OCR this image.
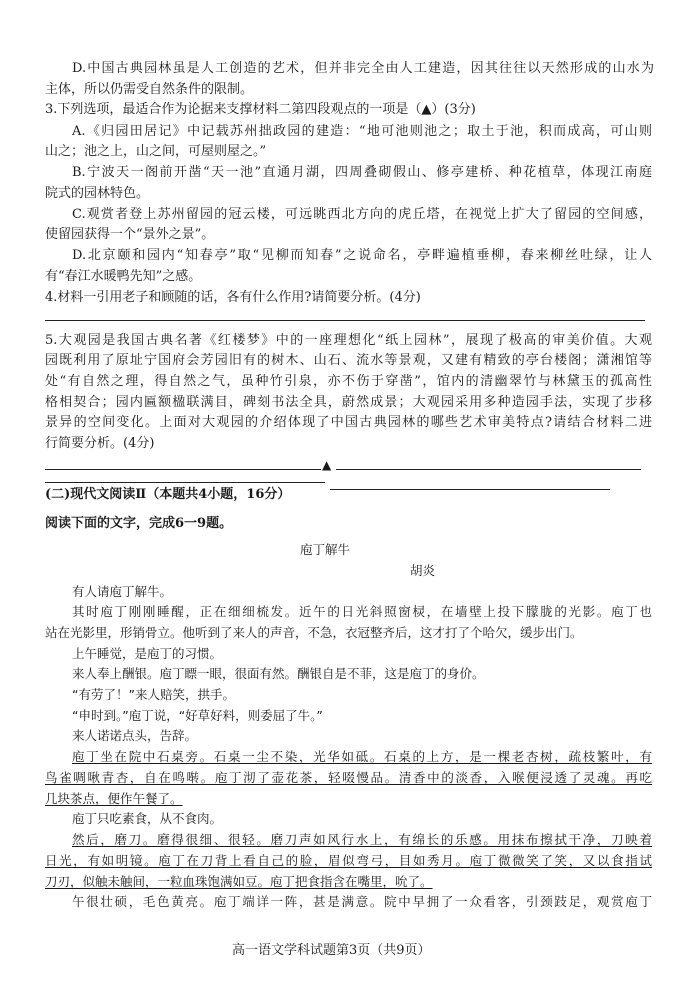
D.中国古典园林虽是人工创造的艺术，但并非完全由人工建造，因其往往以天然形成的山水为
主体，所以仍需受自然条件的限制。
3.下列选项，最适合作为论据来支撑材料二第四段观点的一项是（▲）(3分)
A.《归园田居记》中记载苏州拙政园的建造：“地可池则池之；取土于池，积而成高，可山则
山之；池之上，山之间，可屋则屋之。”
B.宁波天一阁前开凿“天一池”直通月湖，四周叠砌假山、修亭建桥、种花植草，体现江南庭
院式的园林特色。
C.观赏者登上苏州留园的冠云楼，可远眺西北方向的虎丘塔，在视觉上扩大了留园的空间感，
使留园获得一个“景外之景”。
D.北京颐和园内“知春亭”取“见柳而知春”之说命名，亭畔遍植垂柳，春来柳丝吐绿，让人
有“春江水暖鸭先知”之感。
4.材料一引用老子和顾随的话，各有什么作用?请简要分析。(4分)
5.大观园是我国古典名著《红楼梦》中的一座理想化“纸上园林”，展现了极高的审美价值。大观
园既利用了原址宁国府会芳园旧有的树木、山石、流水等景观，又建有精致的亭台楼阁；潇湘馆等
处“有自然之理，得自然之气，虽种竹引泉，亦不伤于穿凿”，馆内的清幽翠竹与林黛玉的孤高性
格相契合；园内匾额楹联满目，碑刻书法全具，蔚然成景；大观园采用多种造园手法，实现了步移
景异的空间变化。上面对大观园的介绍体现了中国古典园林的哪些艺术审美特点?请结合材料二进
行简要分析。(4分)
▲
(二)现代文阅读Ⅱ（本题共4小题，16分）
阅读下面的文字，完成6一9题。
庖丁解牛
胡炎
有人请庖丁解牛。
其时庖丁刚刚睡醒，正在细细梳发。近午的日光斜照窗棂，在墙壁上投下朦胧的光影。庖丁也
站在光影里，形销骨立。他听到了来人的声音，不急，衣冠整齐后，这才打了个哈欠，缓步出门。
上午睡觉，是庖丁的习惯。
来人奉上酬银。庖丁瞟一眼，很面有然。酬银自是不菲，这是庖丁的身价。
“有劳了！”来人赔笑，拱手。
“申时到。”庖丁说，“好草好料，则委屈了牛。”
来人诺诺点头，告辞。
庖丁坐在院中石桌旁。石桌一尘不染，光华如砥。石桌的上方，是一棵老杏树，疏枝繁叶，有
鸟雀啁啾青杏，自在鸣啭。庖丁沏了壶花茶，轻啜慢品。清香中的淡香，入喉便浸透了灵魂。再吃
几块茶点，便作午餐了。
庖丁只吃素食，从不食肉。
然后，磨刀。磨得很细、很轻。磨刀声如风行水上，有绵长的乐感。用抹布擦拭干净，刀映着
日光，有如明镜。庖丁在刀背上看自己的脸，眉似弯弓，目如秀月。庖丁微微笑了笑，又以食指试
刀刃，似触未触间，一粒血珠饱满如豆。庖丁把食指含在嘴里，吮了。
午很壮硕，毛色黄亮。庖丁端详一阵，甚是满意。院中早拥了一众看客，引颈跂足，观赏庖丁
高一语文学科试题第3页（共9页）
